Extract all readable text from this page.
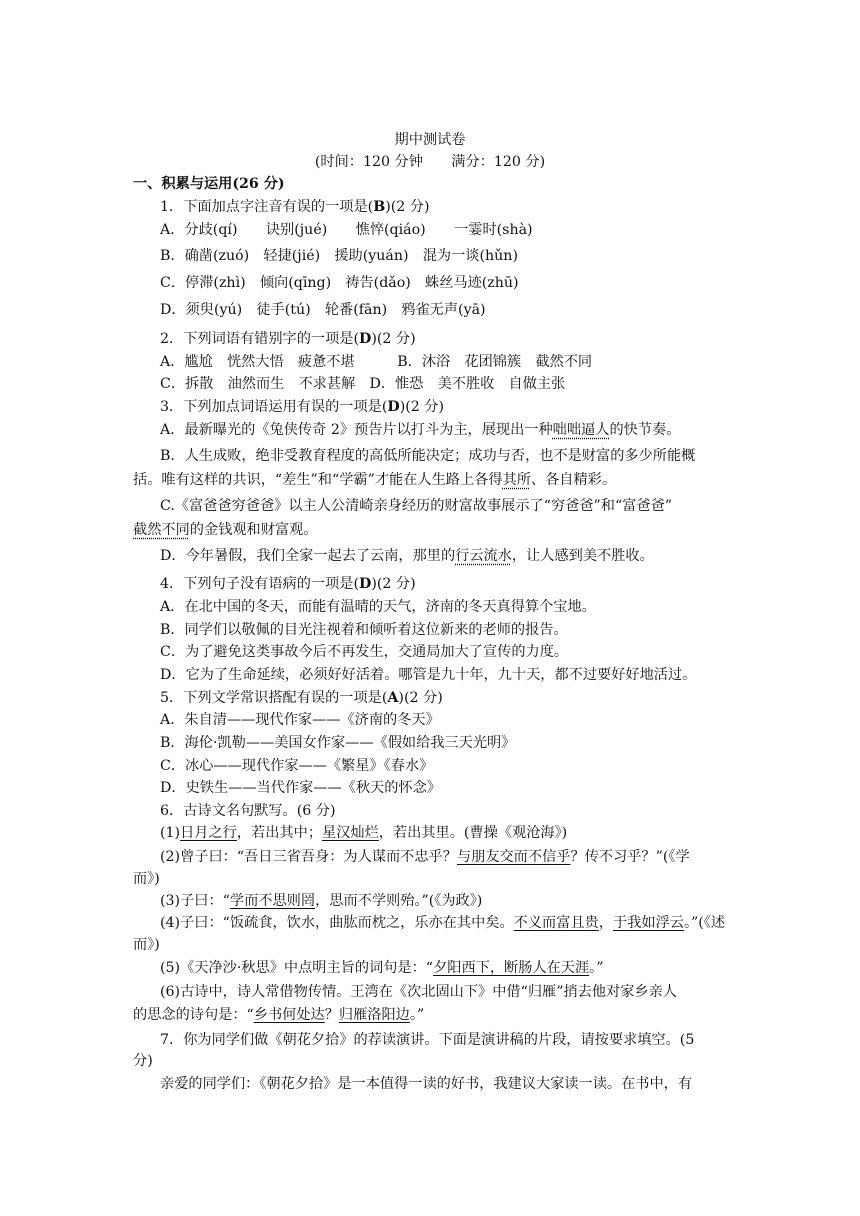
期中测试卷
(时间：120 分钟　　满分：120 分)
一、积累与运用(26 分)
1．下面加点字注音有误的一项是(B)(2 分)
A．分歧(qí)　　诀别(jué)　　憔悴(qiáo)　　一霎时(shà)
B．确凿(zuó)　轻捷(jié)　援助(yuán)　混为一谈(hǔn)
C．停滞(zhì)　倾向(qīng)　祷告(dǎo)　蛛丝马迹(zhū)
D．须臾(yú)　徒手(tú)　轮番(fān)　鸦雀无声(yā)
2．下列词语有错别字的一项是(D)(2 分)
A．尴尬　恍然大悟　疲惫不堪　　　B．沐浴　花团锦簇　截然不同
C．拆散　油然而生　不求甚解　D．惟恐　美不胜收　自做主张
3．下列加点词语运用有误的一项是(D)(2 分)
A．最新曝光的《兔侠传奇 2》预告片以打斗为主，展现出一种咄咄逼人的快节奏。
B．人生成败，绝非受教育程度的高低所能决定；成功与否，也不是财富的多少所能概
括。唯有这样的共识，“差生”和“学霸”才能在人生路上各得其所、各自精彩。
C.《富爸爸穷爸爸》以主人公清崎亲身经历的财富故事展示了“穷爸爸”和“富爸爸”
截然不同的金钱观和财富观。
D．今年暑假，我们全家一起去了云南，那里的行云流水，让人感到美不胜收。
4．下列句子没有语病的一项是(D)(2 分)
A．在北中国的冬天，而能有温晴的天气，济南的冬天真得算个宝地。
B．同学们以敬佩的目光注视着和倾听着这位新来的老师的报告。
C．为了避免这类事故今后不再发生，交通局加大了宣传的力度。
D．它为了生命延续，必须好好活着。哪管是九十年，九十天，都不过要好好地活过。
5．下列文学常识搭配有误的一项是(A)(2 分)
A．朱自清——现代作家——《济南的冬天》
B．海伦·凯勒——美国女作家——《假如给我三天光明》
C．冰心——现代作家——《繁星》《春水》
D．史铁生——当代作家——《秋天的怀念》
6．古诗文名句默写。(6 分)
(1)日月之行，若出其中；星汉灿烂，若出其里。(曹操《观沧海》)
(2)曾子曰：“吾日三省吾身：为人谋而不忠乎？与朋友交而不信乎？传不习乎？”(《学
而》)
(3)子曰：“学而不思则罔，思而不学则殆。”(《为政》)
(4)子曰：“饭疏食，饮水，曲肱而枕之，乐亦在其中矣。不义而富且贵，于我如浮云。”(《述
而》)
(5)《天净沙·秋思》中点明主旨的词句是：“夕阳西下，断肠人在天涯。”
(6)古诗中，诗人常借物传情。王湾在《次北固山下》中借“归雁”捎去他对家乡亲人
的思念的诗句是：“乡书何处达？归雁洛阳边。”
7．你为同学们做《朝花夕拾》的荐读演讲。下面是演讲稿的片段，请按要求填空。(5
分)
亲爱的同学们：《朝花夕拾》是一本值得一读的好书，我建议大家读一读。在书中，有
